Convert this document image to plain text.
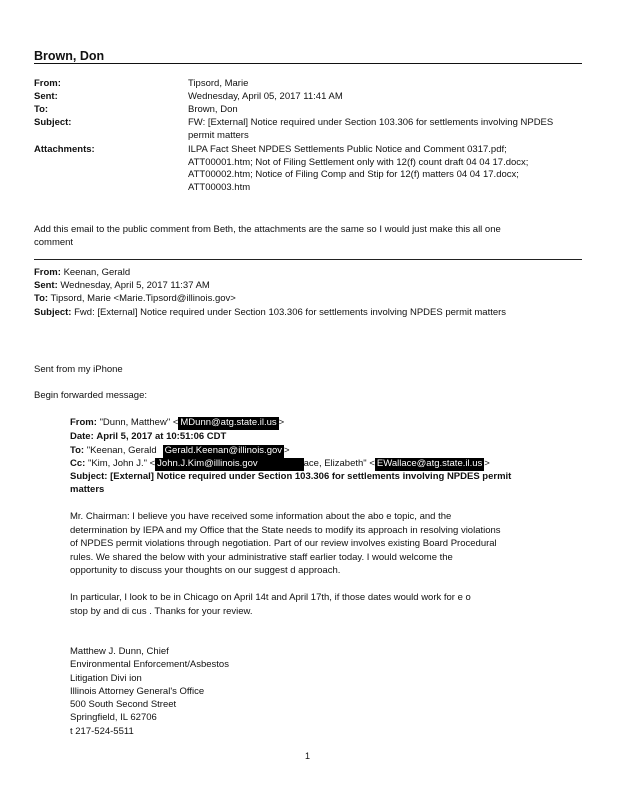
Brown, Don
From:	Tipsord, Marie
Sent:	Wednesday, April 05, 2017 11:41 AM
To:	Brown, Don
Subject:	FW: [External] Notice required under Section 103.306 for settlements involving NPDES
permit matters
Attachments:	ILPA Fact Sheet NPDES Settlements Public Notice and Comment 0317.pdf;
ATT00001.htm; Not of Filing Settlement only with 12(f) count draft 04 04 17.docx;
ATT00002.htm; Notice of Filing Comp and Stip for 12(f) matters 04 04 17.docx;
ATT00003.htm
Add this email to the public comment from Beth, the attachments are the same so I would just make this all one
comment
From: Keenan, Gerald
Sent: Wednesday, April 5, 2017 11:37 AM
To: Tipsord, Marie <Marie.Tipsord@illinois.gov>
Subject: Fwd: [External] Notice required under Section 103.306 for settlements involving NPDES permit matters
Sent from my iPhone
Begin forwarded message:
From: "Dunn, Matthew" < MDunn@atg.state.il.us >
Date: April 5, 2017 at 10:51:06 CDT
To: "Keenan, Gerald Gerald.Keenan@illinois.gov >
Cc: "Kim, John J." < John.J.Kim@illinois.gov	ace, Elizabeth" < EWallace@atg.state.il.us >
Subject: [External] Notice required under Section 103.306 for settlements involving NPDES permit
matters
Mr. Chairman: I believe you have received some information about the abo e topic, and the
determination by IEPA and my Office that the State needs to modify its approach in resolving violations
of NPDES permit violations through negotiation. Part of our review involves existing Board Procedural
rules. We shared the below with your administrative staff earlier today. I would welcome the
opportunity to discuss your thoughts on our suggest d approach.
In particular, I look to be in Chicago on April 14t and April 17th, if those dates would work for e o
stop by and di cus . Thanks for your review.
Matthew J. Dunn, Chief
Environmental Enforcement/Asbestos
Litigation Divi ion
Illinois Attorney General's Office
500 South Second Street
Springfield, IL 62706
t 217-524-5511
1
